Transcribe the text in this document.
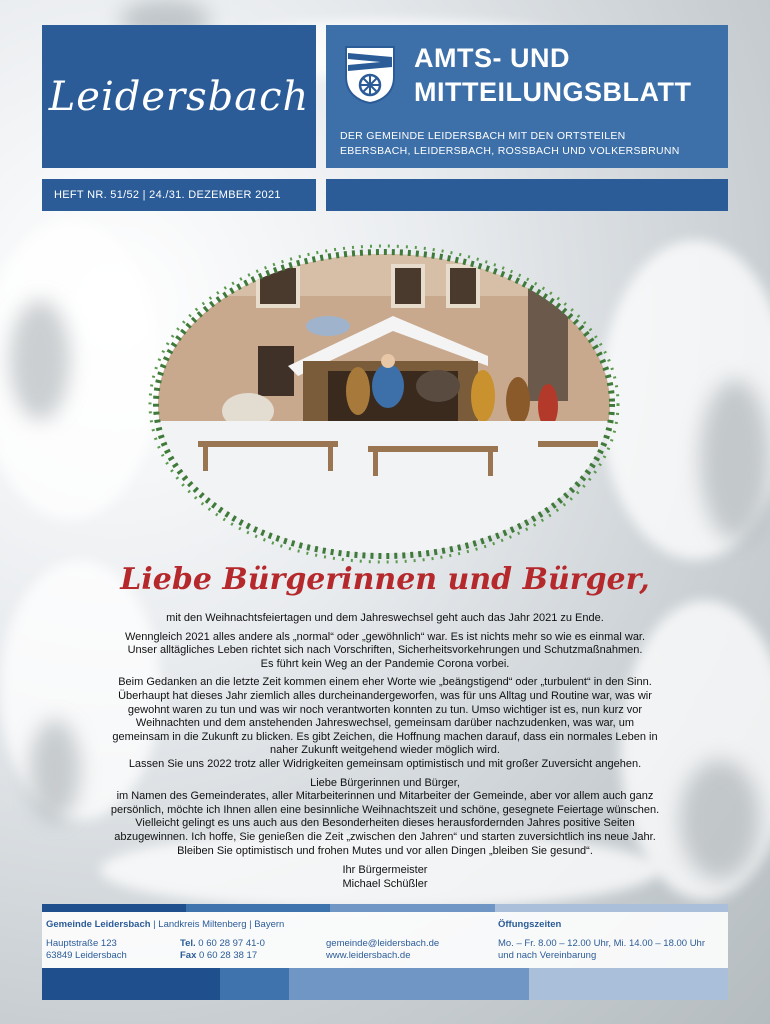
Leidersbach
AMTS- UND
MITTEILUNGSBLATT
DER GEMEINDE LEIDERSBACH MIT DEN ORTSTEILEN
EBERSBACH, LEIDERSBACH, ROSSBACH UND VOLKERSBRUNN
HEFT NR. 51/52 | 24./31. DEZEMBER 2021
Liebe Bürgerinnen und Bürger,

mit den Weihnachtsfeiertagen und dem Jahreswechsel geht auch das Jahr 2021 zu Ende.

Wenngleich 2021 alles andere als „normal“ oder „gewöhnlich“ war. Es ist nichts mehr so wie es einmal war.
Unser alltägliches Leben richtet sich nach Vorschriften, Sicherheitsvorkehrungen und Schutzmaßnahmen.
Es führt kein Weg an der Pandemie Corona vorbei.

Beim Gedanken an die letzte Zeit kommen einem eher Worte wie „beängstigend“ oder „turbulent“ in den Sinn.
Überhaupt hat dieses Jahr ziemlich alles durcheinandergeworfen, was für uns Alltag und Routine war, was wir
gewohnt waren zu tun und was wir noch verantworten konnten zu tun. Umso wichtiger ist es, nun kurz vor
Weihnachten und dem anstehenden Jahreswechsel, gemeinsam darüber nachzudenken, was war, um
gemeinsam in die Zukunft zu blicken. Es gibt Zeichen, die Hoffnung machen darauf, dass ein normales Leben in
naher Zukunft weitgehend wieder möglich wird.
Lassen Sie uns 2022 trotz aller Widrigkeiten gemeinsam optimistisch und mit großer Zuversicht angehen.

Liebe Bürgerinnen und Bürger,
im Namen des Gemeinderates, aller Mitarbeiterinnen und Mitarbeiter der Gemeinde, aber vor allem auch ganz
persönlich, möchte ich Ihnen allen eine besinnliche Weihnachtszeit und schöne, gesegnete Feiertage wünschen.
Vielleicht gelingt es uns auch aus den Besonderheiten dieses herausfordernden Jahres positive Seiten
abzugewinnen. Ich hoffe, Sie genießen die Zeit „zwischen den Jahren“ und starten zuversichtlich ins neue Jahr.
Bleiben Sie optimistisch und frohen Mutes und vor allen Dingen „bleiben Sie gesund“.

Ihr Bürgermeister
Michael Schüßler
Gemeinde Leidersbach | Landkreis Miltenberg | Bayern
Hauptstraße 123
63849 Leidersbach
Tel. 0 60 28 97 41-0
Fax 0 60 28 38 17
gemeinde@leidersbach.de
www.leidersbach.de
Öffungszeiten
Mo. – Fr. 8.00 – 12.00 Uhr, Mi. 14.00 – 18.00 Uhr
und nach Vereinbarung
